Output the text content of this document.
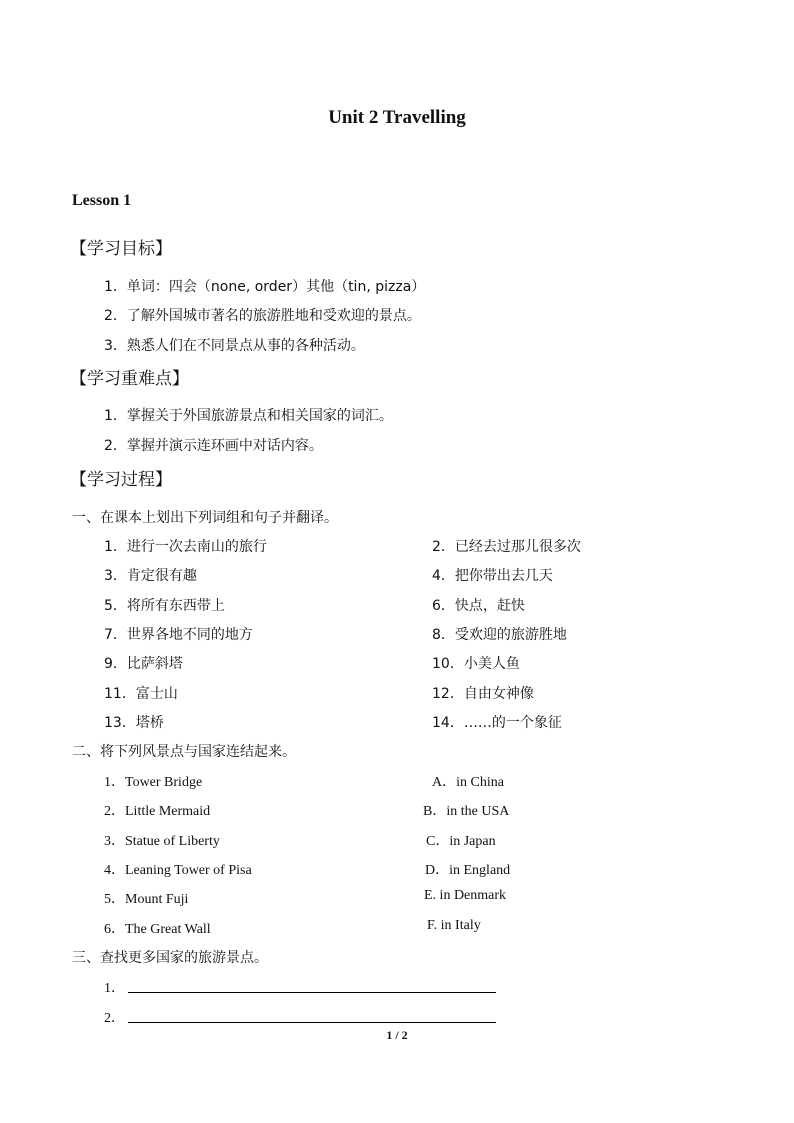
Unit 2 Travelling
Lesson 1
【学习目标】
1．单词：四会（none, order）其他（tin, pizza）
2．了解外国城市著名的旅游胜地和受欢迎的景点。
3．熟悉人们在不同景点从事的各种活动。
【学习重难点】
1．掌握关于外国旅游景点和相关国家的词汇。
2．掌握并演示连环画中对话内容。
【学习过程】
一、在课本上划出下列词组和句子并翻译。
1．进行一次去南山的旅行	2．已经去过那儿很多次
3．肯定很有趣	4．把你带出去几天
5．将所有东西带上	6．快点，赶快
7．世界各地不同的地方	8．受欢迎的旅游胜地
9．比萨斜塔	10．小美人鱼
11．富士山	12．自由女神像
13．塔桥	14．……的一个象征
二、将下列风景点与国家连结起来。
1．Tower Bridge	A．in China
2．Little Mermaid	B．in the USA
3．Statue of Liberty	C．in Japan
4．Leaning Tower of Pisa	D．in England
5．Mount Fuji	E. in Denmark
6．The Great Wall	F. in Italy
三、查找更多国家的旅游景点。
1．
2．
1 / 2
